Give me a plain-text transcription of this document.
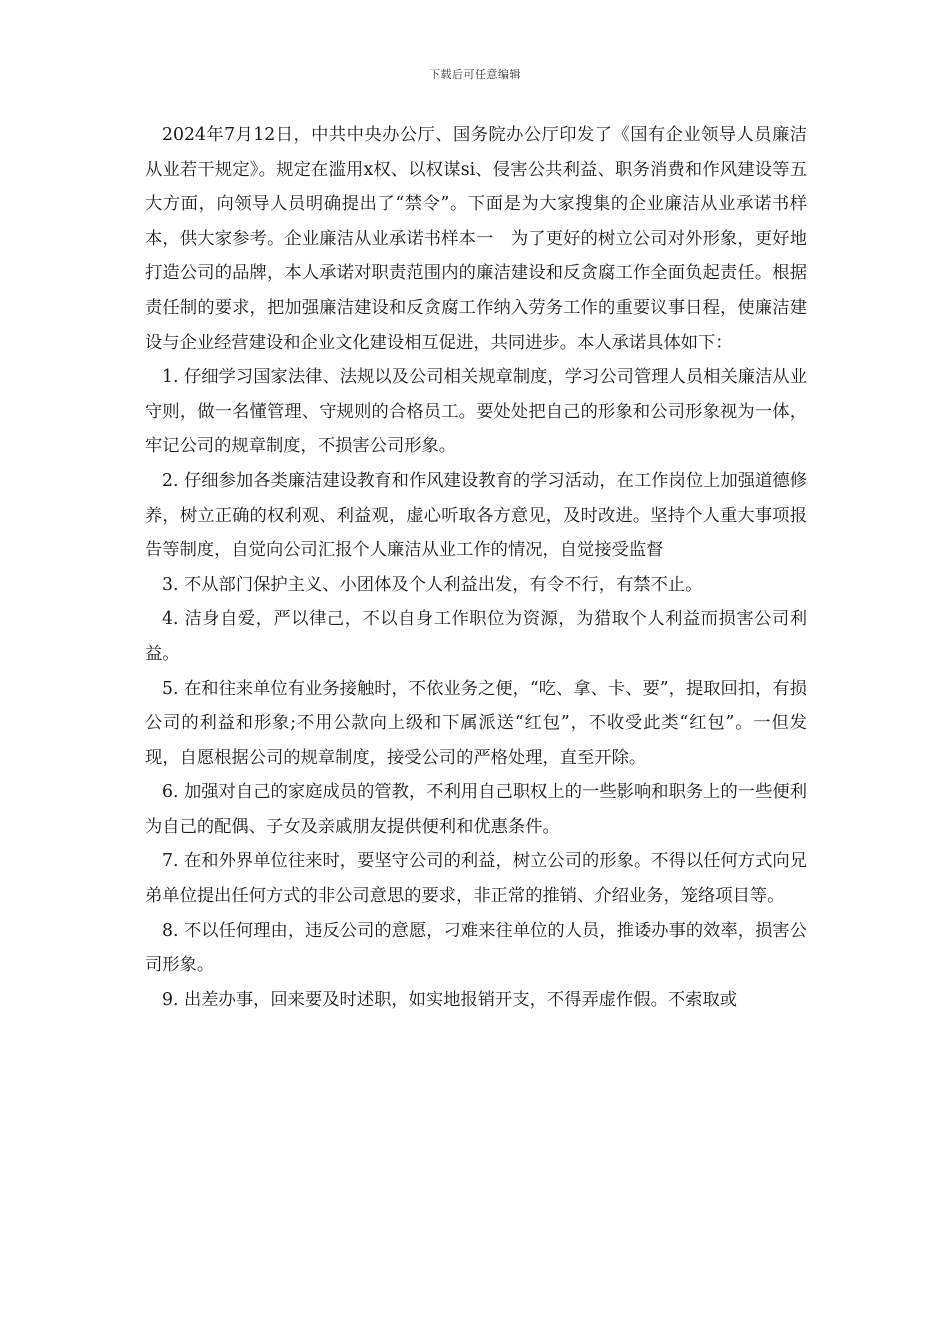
下载后可任意编辑

2024年7月12日，中共中央办公厅、国务院办公厅印发了《国有企业领导人员廉洁从业若干规定》。规定在滥用x权、以权谋si、侵害公共利益、职务消费和作风建设等五大方面，向领导人员明确提出了“禁令”。下面是为大家搜集的企业廉洁从业承诺书样本，供大家参考。企业廉洁从业承诺书样本一　为了更好的树立公司对外形象，更好地打造公司的品牌，本人承诺对职责范围内的廉洁建设和反贪腐工作全面负起责任。根据责任制的要求，把加强廉洁建设和反贪腐工作纳入劳务工作的重要议事日程，使廉洁建设与企业经营建设和企业文化建设相互促进，共同进步。本人承诺具体如下：

1. 仔细学习国家法律、法规以及公司相关规章制度，学习公司管理人员相关廉洁从业守则，做一名懂管理、守规则的合格员工。要处处把自己的形象和公司形象视为一体，牢记公司的规章制度，不损害公司形象。

2. 仔细参加各类廉洁建设教育和作风建设教育的学习活动，在工作岗位上加强道德修养，树立正确的权利观、利益观，虚心听取各方意见，及时改进。坚持个人重大事项报告等制度，自觉向公司汇报个人廉洁从业工作的情况，自觉接受监督

3. 不从部门保护主义、小团体及个人利益出发，有令不行，有禁不止。

4. 洁身自爱，严以律己，不以自身工作职位为资源，为猎取个人利益而损害公司利益。

5. 在和往来单位有业务接触时，不依业务之便，“吃、拿、卡、要”，提取回扣，有损公司的利益和形象;不用公款向上级和下属派送“红包”，不收受此类“红包”。一但发现，自愿根据公司的规章制度，接受公司的严格处理，直至开除。

6. 加强对自己的家庭成员的管教，不利用自己职权上的一些影响和职务上的一些便利为自己的配偶、子女及亲戚朋友提供便利和优惠条件。

7. 在和外界单位往来时，要坚守公司的利益，树立公司的形象。不得以任何方式向兄弟单位提出任何方式的非公司意思的要求，非正常的推销、介绍业务，笼络项目等。

8. 不以任何理由，违反公司的意愿，刁难来往单位的人员，推诿办事的效率，损害公司形象。

9. 出差办事，回来要及时述职，如实地报销开支，不得弄虚作假。不索取或
